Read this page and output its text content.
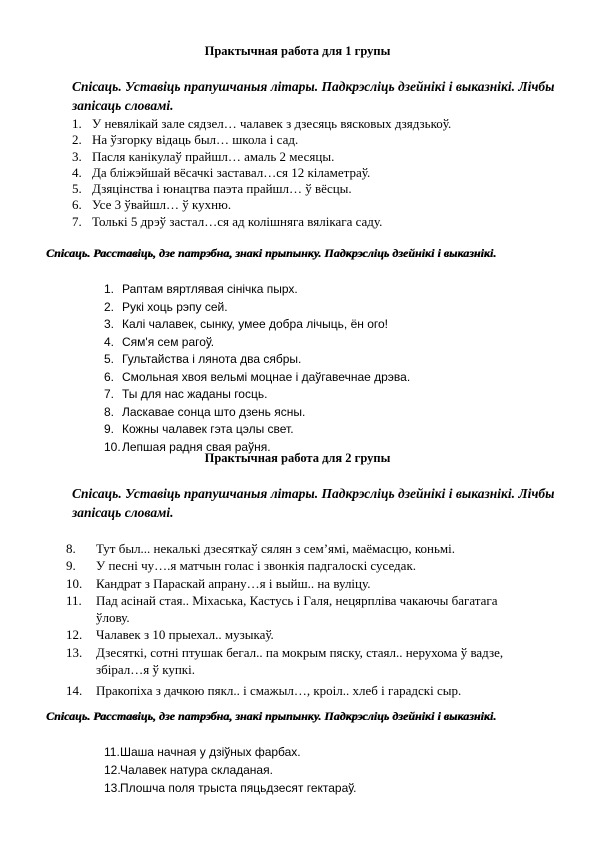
Практычная работа для 1 групы

Спісаць. Уставіць прапушчаныя літары. Падкрэсліць дзейнікі і выказнікі. Лічбы запісаць словамі.

1. У невялікай зале сядзел… чалавек з дзесяць вясковых дзядзькоў.
2. На ўзгорку відаць был… школа і сад.
3. Пасля канікулаў прайшл… амаль 2 месяцы.
4. Да бліжэйшай вёсачкі заставал…ся 12 кіламетраў.
5. Дзяцінства і юнацтва паэта прайшл… ў вёсцы.
6. Усе 3 ўвайшл… ў кухню.
7. Толькі 5 дрэў застал…ся ад колішняга вялікага саду.

Спісаць. Расставіць, дзе патрэбна, знакі прыпынку. Падкрэсліць дзейнікі і выказнікі.

1. Раптам вяртлявая сінічка пырх.
2. Рукі хоць рэпу сей.
3. Калі чалавек, сынку, умее добра лічыць, ён ого!
4. Сям'я сем рагоў.
5. Гультайства і лянота два сябры.
6. Смольная хвоя вельмі моцнае і даўгавечнае дрэва.
7. Ты для нас жаданы госць.
8. Ласкавае сонца што дзень ясны.
9. Кожны чалавек гэта цэлы свет.
10. Лепшая радня свая раўня.
Практычная работа для 2 групы

Спісаць. Уставіць прапушчаныя літары. Падкрэсліць дзейнікі і выказнікі. Лічбы запісаць словамі.

8. Тут был... некалькі дзесяткаў сялян з сем’ямі, маёмасцю, коньмі.
9. У песні чу….я матчын голас і звонкія падгалоскі суседак.
10. Кандрат з Параскай апрану…я і выйш.. на вуліцу.
11. Пад асінай стая.. Міхаська, Кастусь і Галя, нецярпліва чакаючы багатага ўлову.
12. Чалавек з 10 прыехал.. музыкаў.
13. Дзесяткі, сотні птушак бегал.. па мокрым пяску, стаял.. нерухома ў вадзе, збірал…я ў купкі.
14. Пракопіха з дачкою пякл.. і смажыл…, кроіл.. хлеб і гарадскі сыр.

Спісаць. Расставіць, дзе патрэбна, знакі прыпынку. Падкрэсліць дзейнікі і выказнікі.

11. Шаша начная у дзіўных фарбах.
12. Чалавек натура складаная.
13. Плошча поля трыста пяцьдзесят гектараў.
